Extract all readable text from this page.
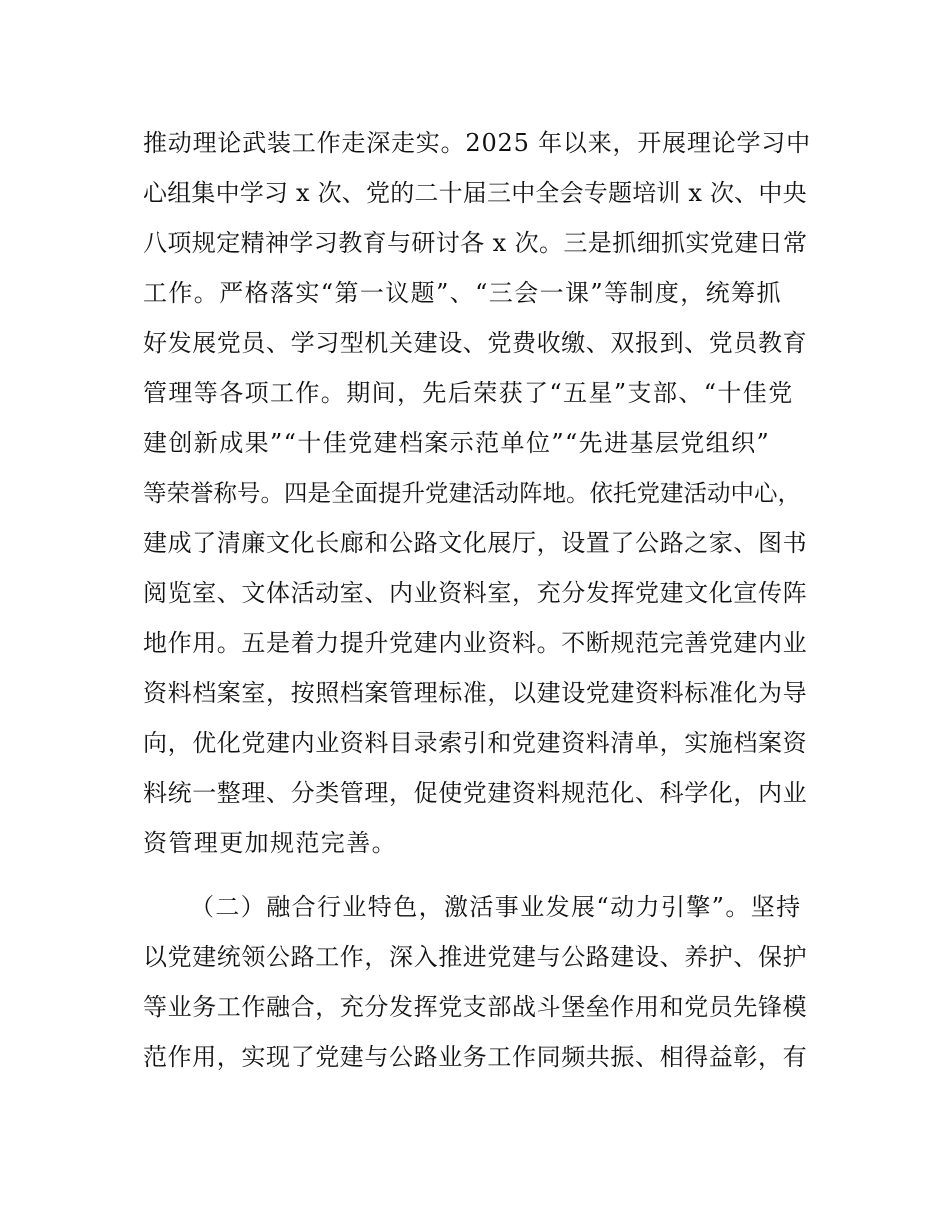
推动理论武装工作走深走实。2025 年以来，开展理论学习中
心组集中学习 x 次、党的二十届三中全会专题培训 x 次、中央
八项规定精神学习教育与研讨各 x 次。三是抓细抓实党建日常
工作。严格落实“第一议题”、“三会一课”等制度，统筹抓
好发展党员、学习型机关建设、党费收缴、双报到、党员教育
管理等各项工作。期间，先后荣获了“五星”支部、“十佳党
建创新成果”“十佳党建档案示范单位”“先进基层党组织”
等荣誉称号。四是全面提升党建活动阵地。依托党建活动中心，
建成了清廉文化长廊和公路文化展厅，设置了公路之家、图书
阅览室、文体活动室、内业资料室，充分发挥党建文化宣传阵
地作用。五是着力提升党建内业资料。不断规范完善党建内业
资料档案室，按照档案管理标准，以建设党建资料标准化为导
向，优化党建内业资料目录索引和党建资料清单，实施档案资
料统一整理、分类管理，促使党建资料规范化、科学化，内业
资管理更加规范完善。
（二）融合行业特色，激活事业发展“动力引擎”。坚持
以党建统领公路工作，深入推进党建与公路建设、养护、保护
等业务工作融合，充分发挥党支部战斗堡垒作用和党员先锋模
范作用，实现了党建与公路业务工作同频共振、相得益彰，有
